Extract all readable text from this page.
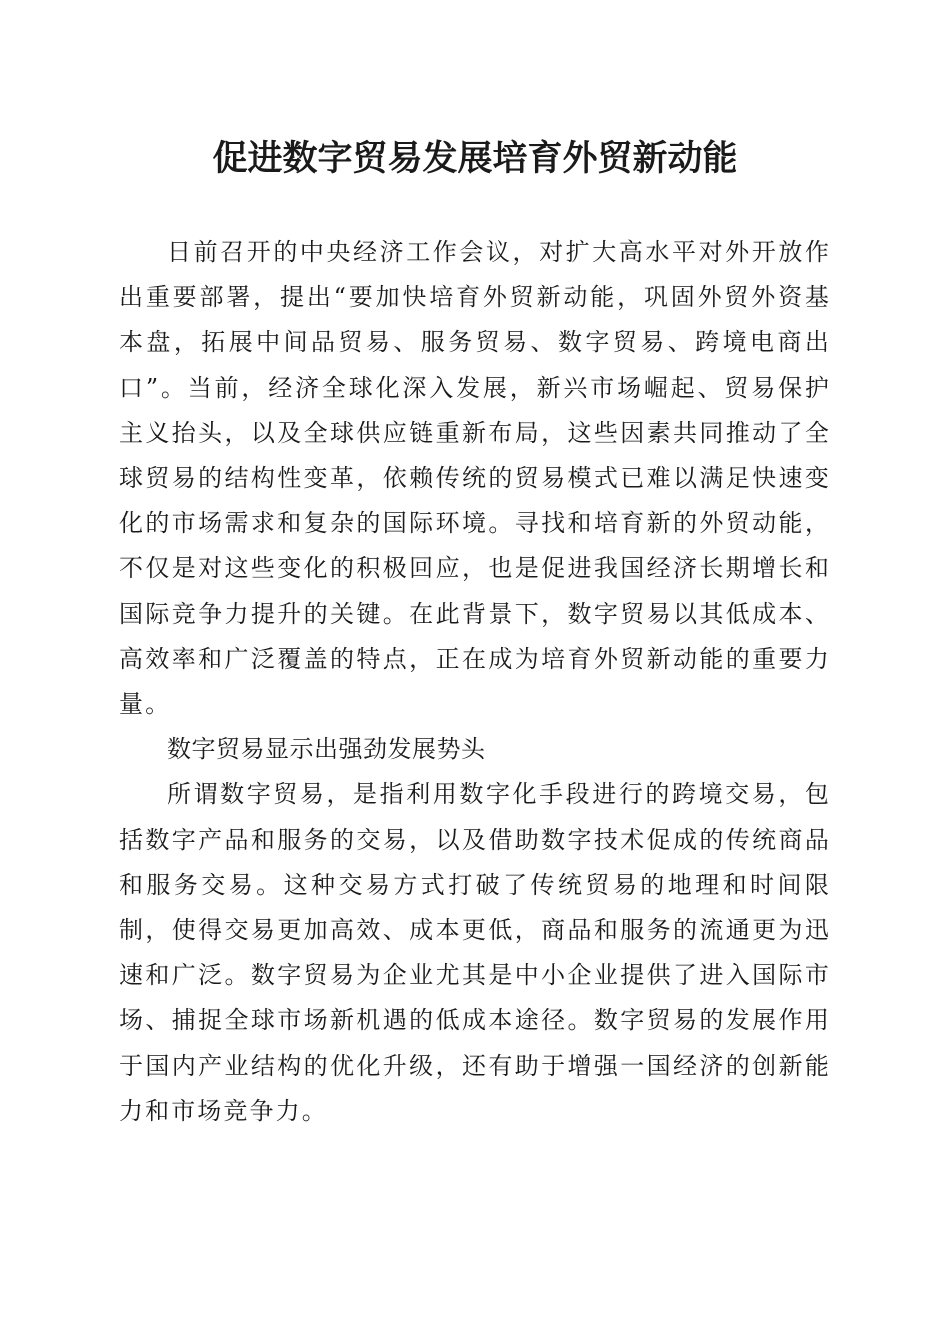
促进数字贸易发展培育外贸新动能

日前召开的中央经济工作会议，对扩大高水平对外开放作出重要部署，提出“要加快培育外贸新动能，巩固外贸外资基本盘，拓展中间品贸易、服务贸易、数字贸易、跨境电商出口”。当前，经济全球化深入发展，新兴市场崛起、贸易保护主义抬头，以及全球供应链重新布局，这些因素共同推动了全球贸易的结构性变革，依赖传统的贸易模式已难以满足快速变化的市场需求和复杂的国际环境。寻找和培育新的外贸动能，不仅是对这些变化的积极回应，也是促进我国经济长期增长和国际竞争力提升的关键。在此背景下，数字贸易以其低成本、高效率和广泛覆盖的特点，正在成为培育外贸新动能的重要力量。

数字贸易显示出强劲发展势头

所谓数字贸易，是指利用数字化手段进行的跨境交易，包括数字产品和服务的交易，以及借助数字技术促成的传统商品和服务交易。这种交易方式打破了传统贸易的地理和时间限制，使得交易更加高效、成本更低，商品和服务的流通更为迅速和广泛。数字贸易为企业尤其是中小企业提供了进入国际市场、捕捉全球市场新机遇的低成本途径。数字贸易的发展作用于国内产业结构的优化升级，还有助于增强一国经济的创新能力和市场竞争力。
